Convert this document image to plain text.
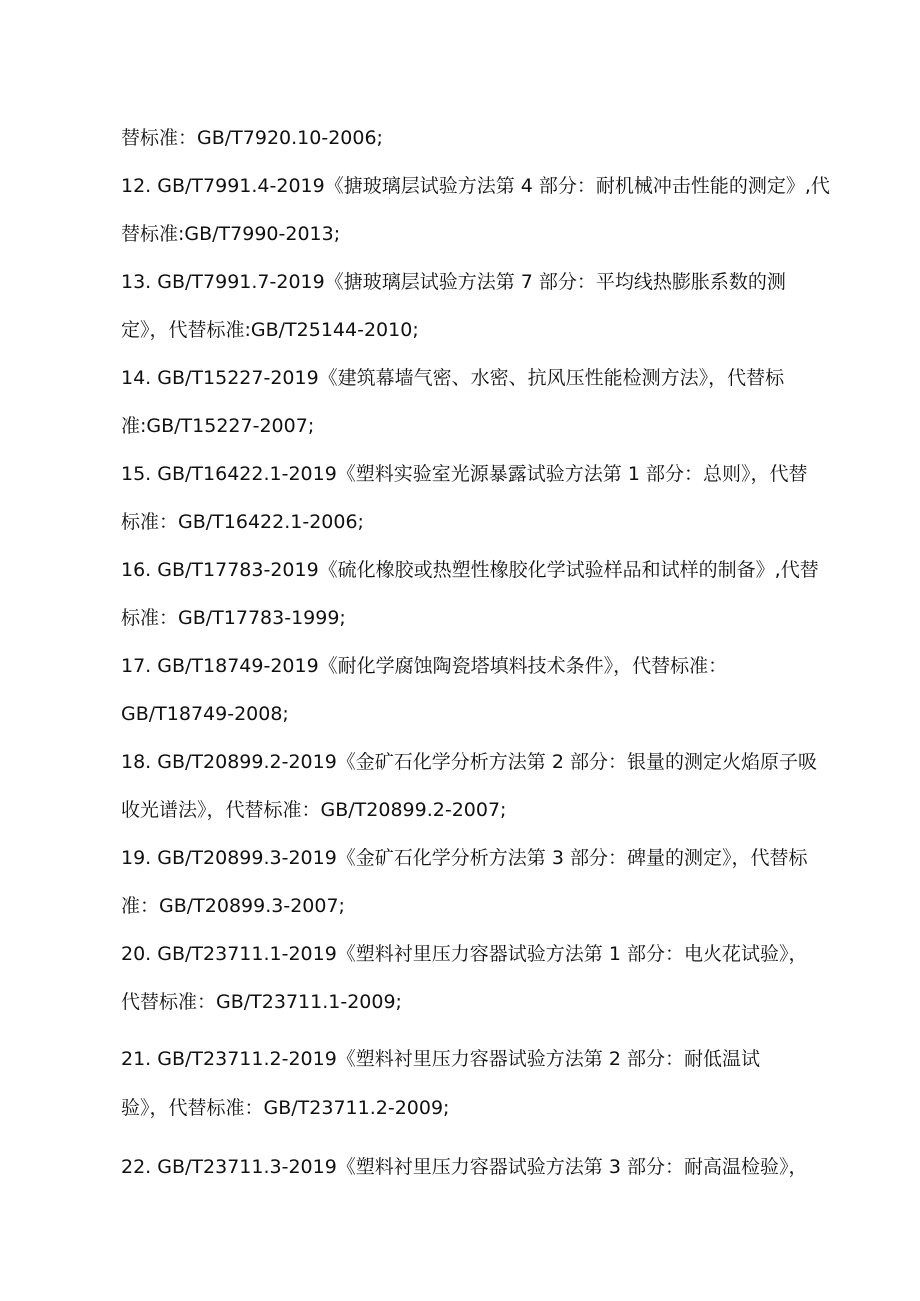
替标准：GB/T7920.10-2006;
12. GB/T7991.4-2019《搪玻璃层试验方法第 4 部分：耐机械冲击性能的测定》,代
替标准:GB/T7990-2013;
13. GB/T7991.7-2019《搪玻璃层试验方法第 7 部分：平均线热膨胀系数的测
定》，代替标准:GB/T25144-2010;
14. GB/T15227-2019《建筑幕墙气密、水密、抗风压性能检测方法》，代替标
准:GB/T15227-2007;
15. GB/T16422.1-2019《塑料实验室光源暴露试验方法第 1 部分：总则》，代替
标准：GB/T16422.1-2006;
16. GB/T17783-2019《硫化橡胶或热塑性橡胶化学试验样品和试样的制备》,代替
标准：GB/T17783-1999;
17. GB/T18749-2019《耐化学腐蚀陶瓷塔填料技术条件》，代替标准：
GB/T18749-2008;
18. GB/T20899.2-2019《金矿石化学分析方法第 2 部分：银量的测定火焰原子吸
收光谱法》，代替标准：GB/T20899.2-2007;
19. GB/T20899.3-2019《金矿石化学分析方法第 3 部分：碑量的测定》，代替标
准：GB/T20899.3-2007;
20. GB/T23711.1-2019《塑料衬里压力容器试验方法第 1 部分：电火花试验》，
代替标准：GB/T23711.1-2009;
21. GB/T23711.2-2019《塑料衬里压力容器试验方法第 2 部分：耐低温试
验》，代替标准：GB/T23711.2-2009;
22. GB/T23711.3-2019《塑料衬里压力容器试验方法第 3 部分：耐高温检验》，
